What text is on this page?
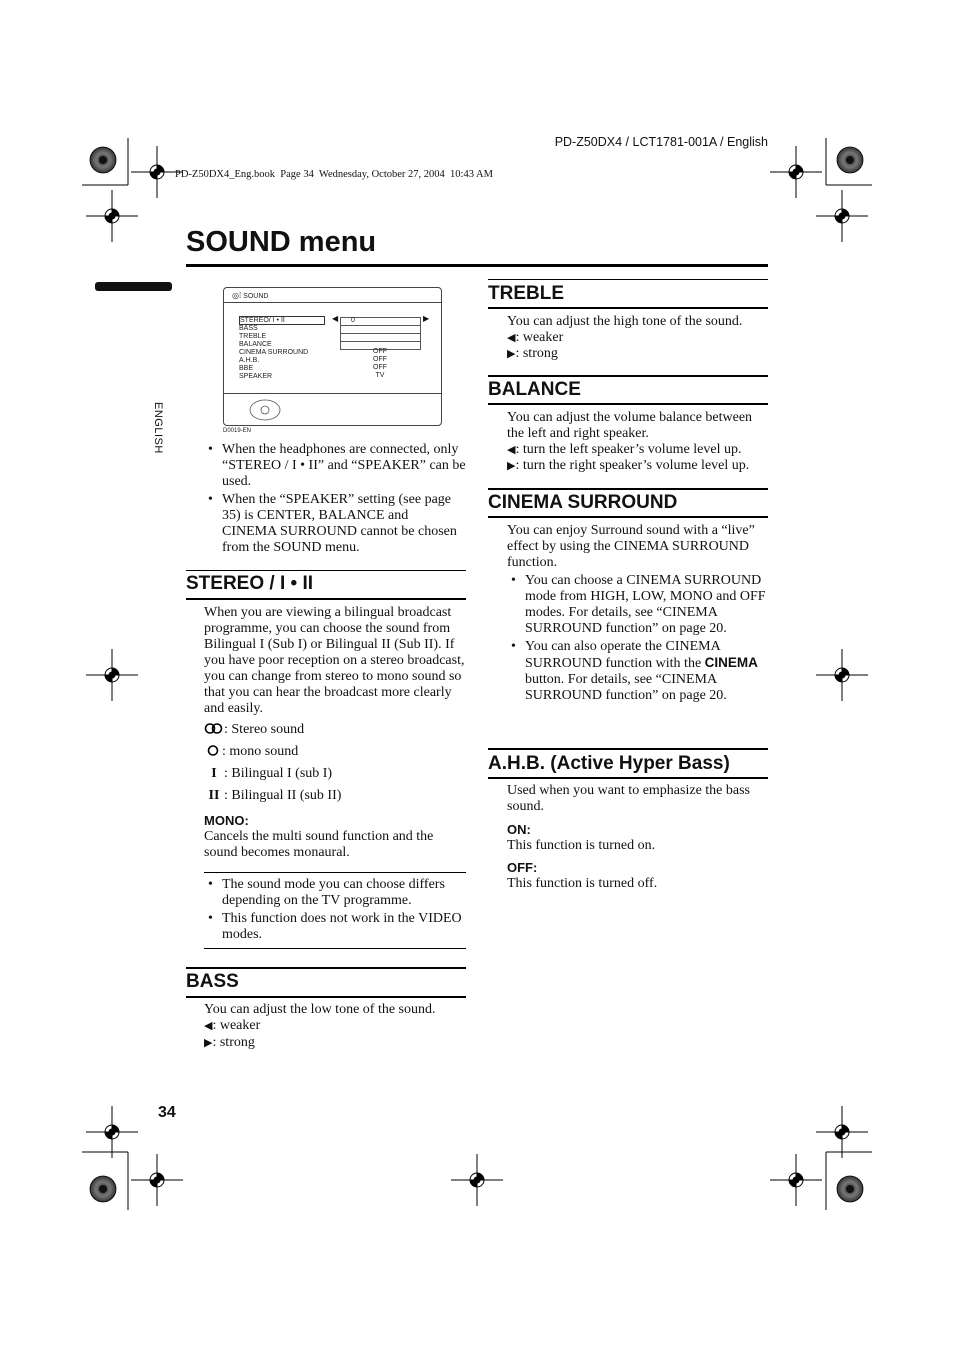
PD-Z50DX4 / LCT1781-001A / English
PD-Z50DX4_Eng.book  Page 34  Wednesday, October 27, 2004  10:43 AM
SOUND menu
ENGLISH
◎⁞ SOUND
STEREO/ I • II
BASS
TREBLE
BALANCE
CINEMA SURROUND
A.H.B.
BBE
SPEAKER
0
◀	▶
OFF
OFF
OFF
TV
D0019-EN
• When the headphones are connected, only “STEREO / I • II” and “SPEAKER” can be used.
• When the “SPEAKER” setting (see page 35) is CENTER, BALANCE and CINEMA SURROUND cannot be chosen from the SOUND menu.
STEREO / I • II
When you are viewing a bilingual broadcast programme, you can choose the sound from Bilingual I (Sub I) or Bilingual II (Sub II). If you have poor reception on a stereo broadcast, you can change from stereo to mono sound so that you can hear the broadcast more clearly and easily.
: Stereo sound
: mono sound
I : Bilingual I (sub I)
II : Bilingual II (sub II)
MONO:
Cancels the multi sound function and the sound becomes monaural.
• The sound mode you can choose differs depending on the TV programme.
• This function does not work in the VIDEO modes.
BASS
You can adjust the low tone of the sound.
◀: weaker
▶: strong
34
TREBLE
You can adjust the high tone of the sound.
◀: weaker
▶: strong
BALANCE
You can adjust the volume balance between the left and right speaker.
◀: turn the left speaker’s volume level up.
▶: turn the right speaker’s volume level up.
CINEMA SURROUND
You can enjoy Surround sound with a “live” effect by using the CINEMA SURROUND function.
• You can choose a CINEMA SURROUND mode from HIGH, LOW, MONO and OFF modes. For details, see “CINEMA SURROUND function” on page 20.
• You can also operate the CINEMA SURROUND function with the CINEMA button. For details, see “CINEMA SURROUND function” on page 20.
A.H.B. (Active Hyper Bass)
Used when you want to emphasize the bass sound.
ON:
This function is turned on.
OFF:
This function is turned off.
